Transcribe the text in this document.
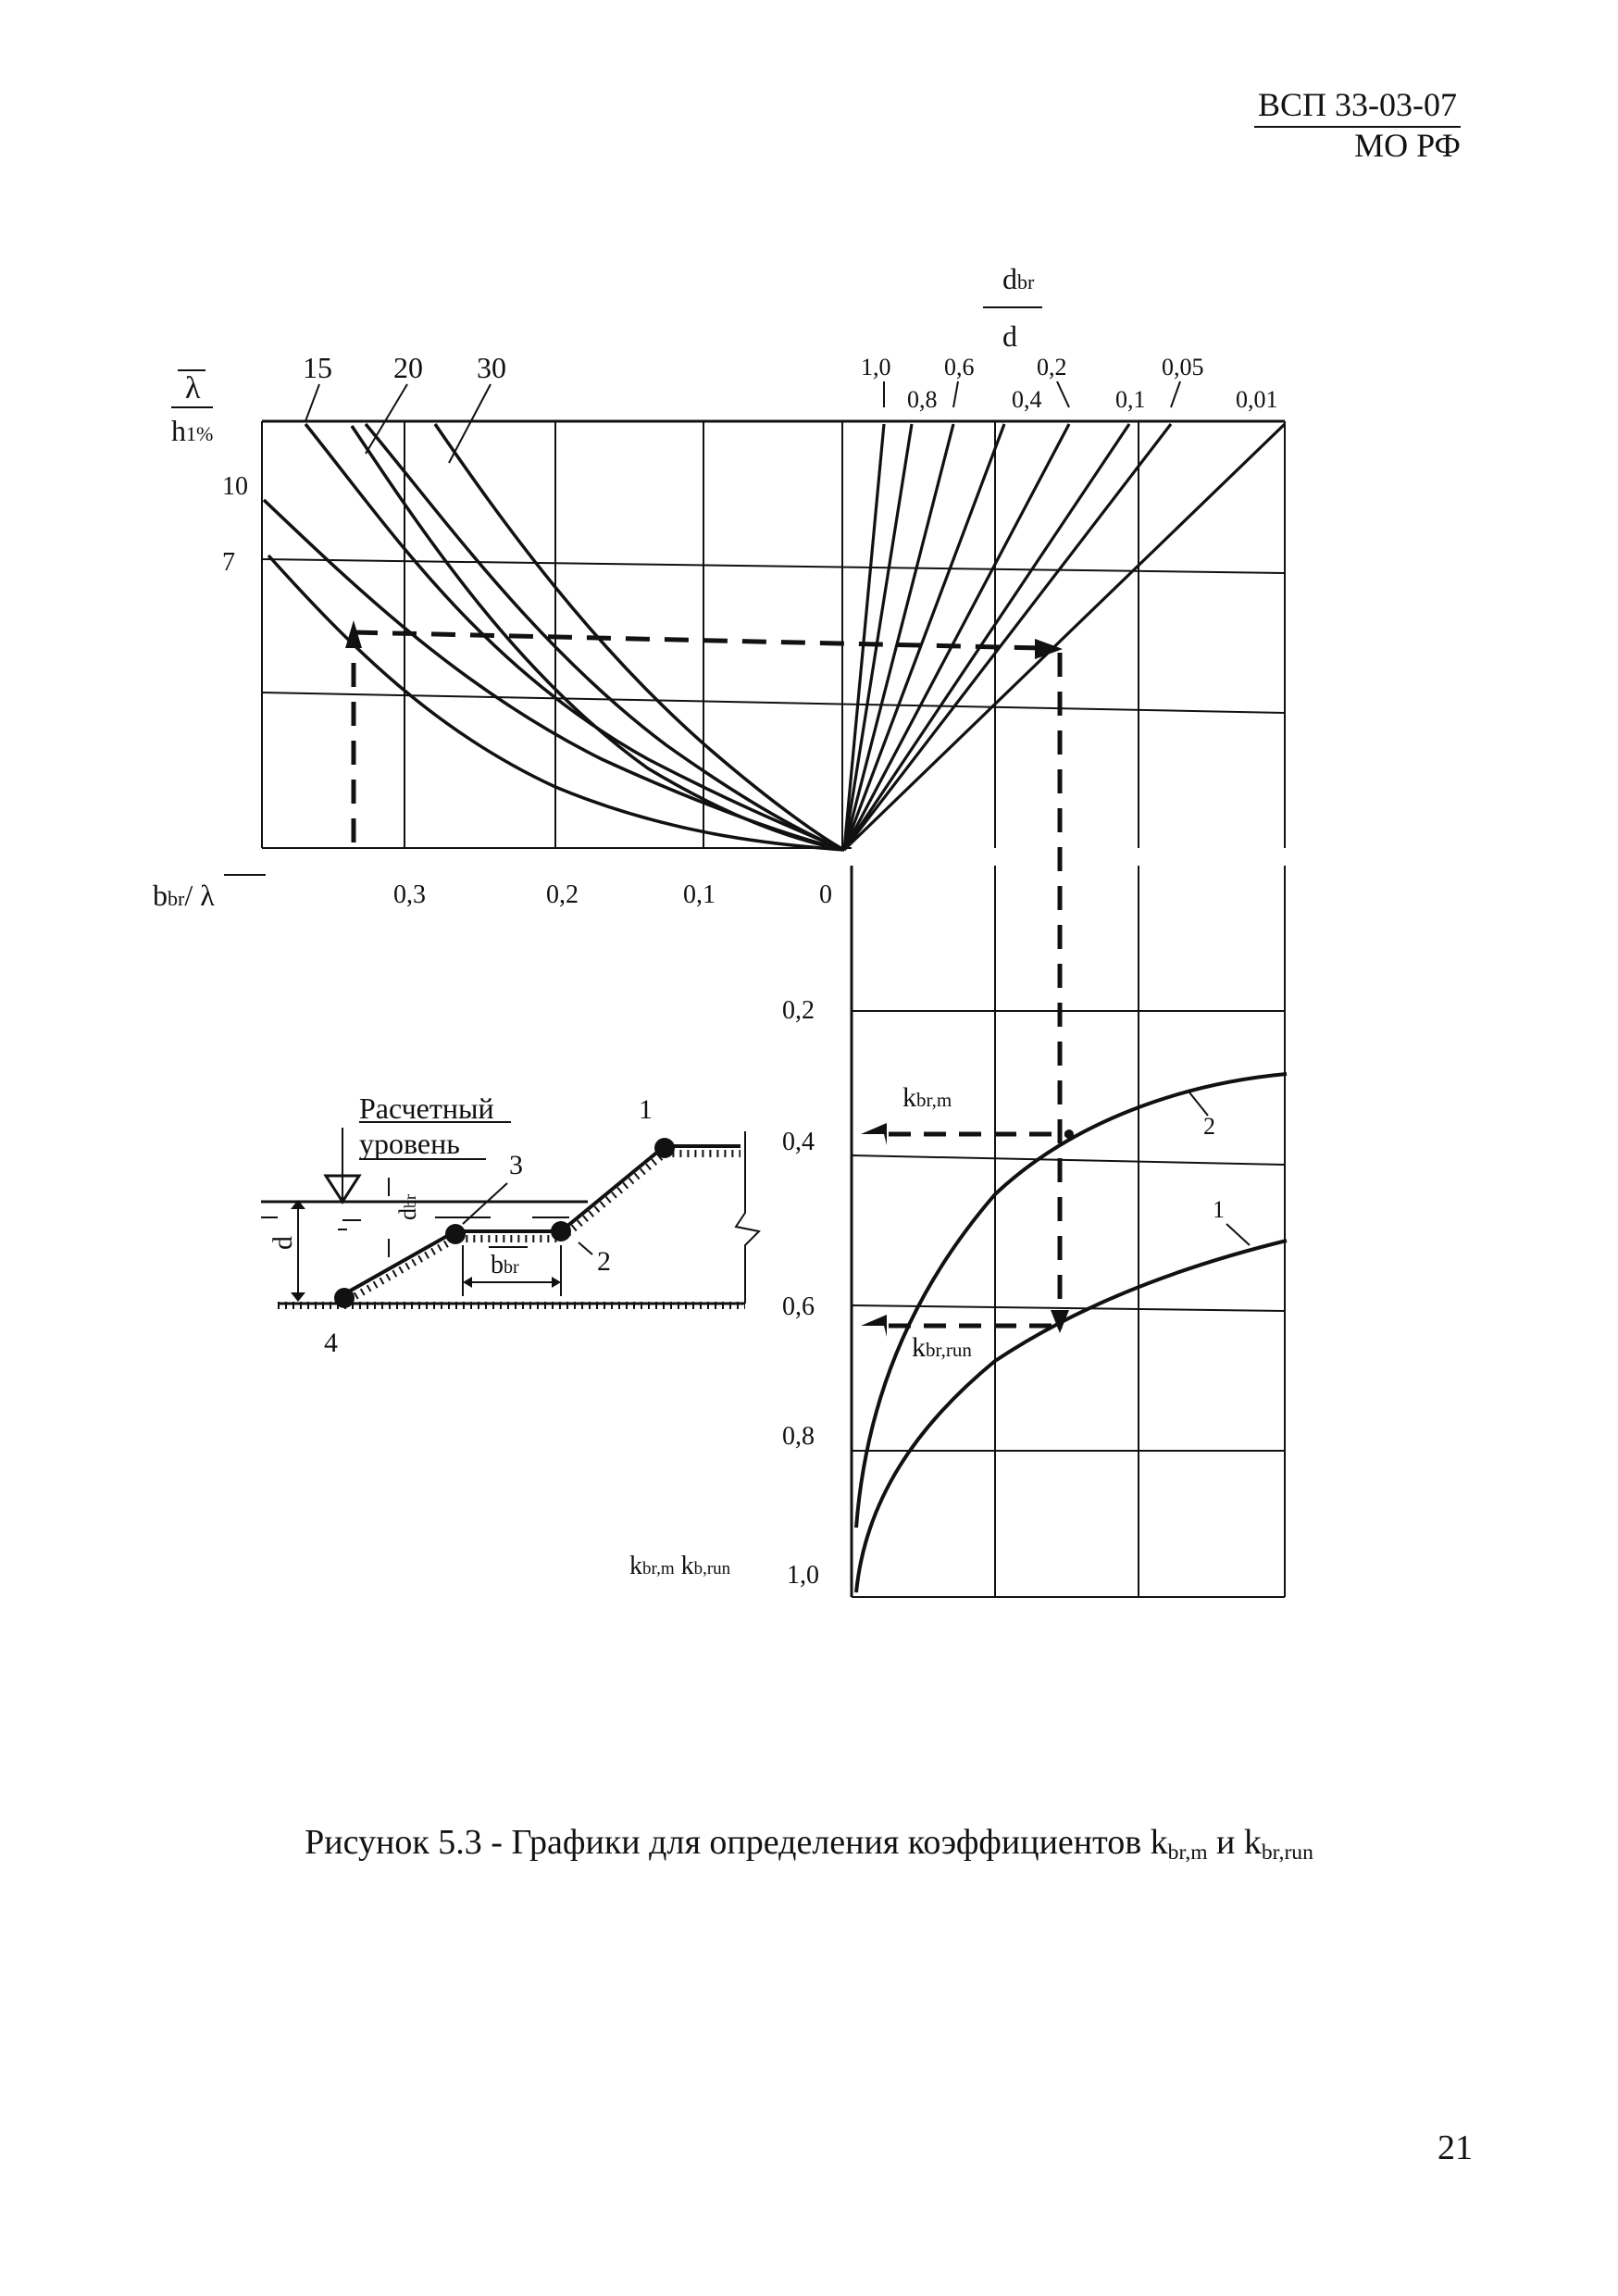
ВСП 33-03-07
МО РФ
λ
h1%
10
7
15 20 30
bbr/ λ	0,3	0,2	0,1	0
dbr
d
1,0
0,8
0,6
0,4
0,2
0,1
0,05
0,01
0,2
0,4
0,6
0,8
1,0
kbr,m kb,run
kbr,m
kbr,run
2
1
Расчетный
уровень
1
2
3
4
d
dbr
bbr
Рисунок 5.3 - Графики для определения коэффициентов $k_{br,m}$ и $k_{br,run}$
21
